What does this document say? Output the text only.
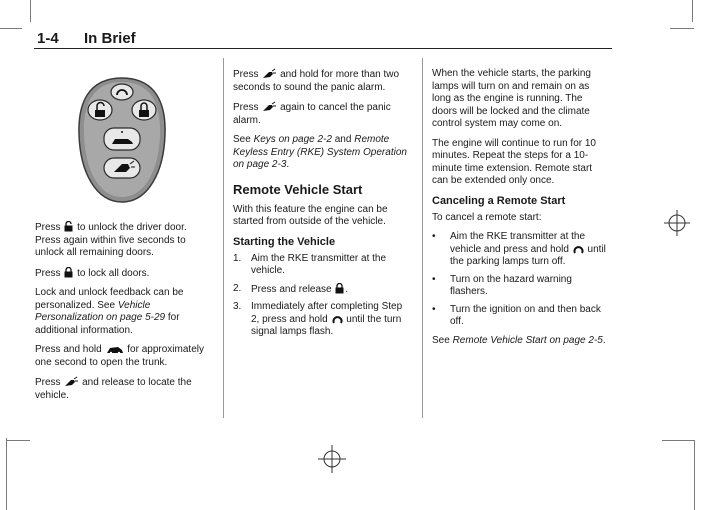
1-4 In Brief

Press to unlock the driver door. Press again within five seconds to unlock all remaining doors.

Press to lock all doors.

Lock and unlock feedback can be personalized. See Vehicle Personalization on page 5-29 for additional information.

Press and hold	for approximately one second to open the trunk.

Press and release to locate the vehicle.

Press and hold for more than two seconds to sound the panic alarm.

Press again to cancel the panic alarm.

See Keys on page 2-2 and Remote Keyless Entry (RKE) System Operation on page 2-3.

Remote Vehicle Start

With this feature the engine can be started from outside of the vehicle.

Starting the Vehicle
1. Aim the RKE transmitter at the vehicle.
2. Press and release .
3. Immediately after completing Step 2, press and hold until the turn signal lamps flash.

When the vehicle starts, the parking lamps will turn on and remain on as long as the engine is running. The doors will be locked and the climate control system may come on.

The engine will continue to run for 10 minutes. Repeat the steps for a 10-minute time extension. Remote start can be extended only once.

Canceling a Remote Start

To cancel a remote start:

• Aim the RKE transmitter at the vehicle and press and hold until the parking lamps turn off.
• Turn on the hazard warning flashers.
• Turn the ignition on and then back off.

See Remote Vehicle Start on page 2-5.
